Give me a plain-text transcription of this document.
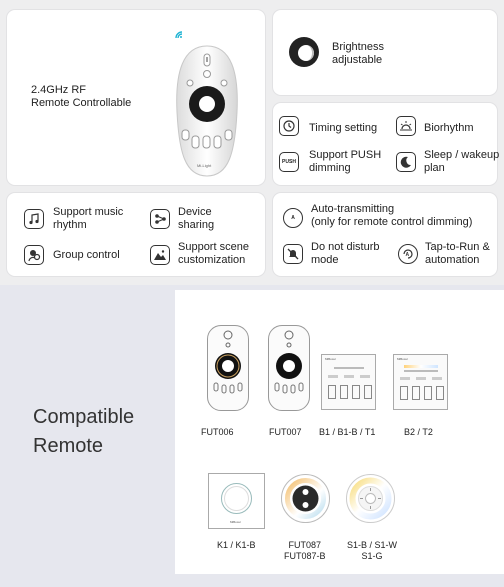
2.4GHz RF
Remote Controllable
Mi-Light
Brightness
adjustable
Timing setting	Biorhythm
PUSH
Support PUSH
dimming
z Sleep / wakeup
plan
Support music
rhythm
Device
sharing
Group control
Support scene
customization
A
Auto-transmitting
(only for remote control dimming)
Do not disturb
mode	A
Tap-to-Run &
automation
Compatible
Remote
FUT006	FUT007
MiBoxer
B1 / B1-B / T1
MiBoxer
B2 / T2
MiBoxer
K1 / K1-B	FUT087
FUT087-B
S1-B / S1-W
S1-G
